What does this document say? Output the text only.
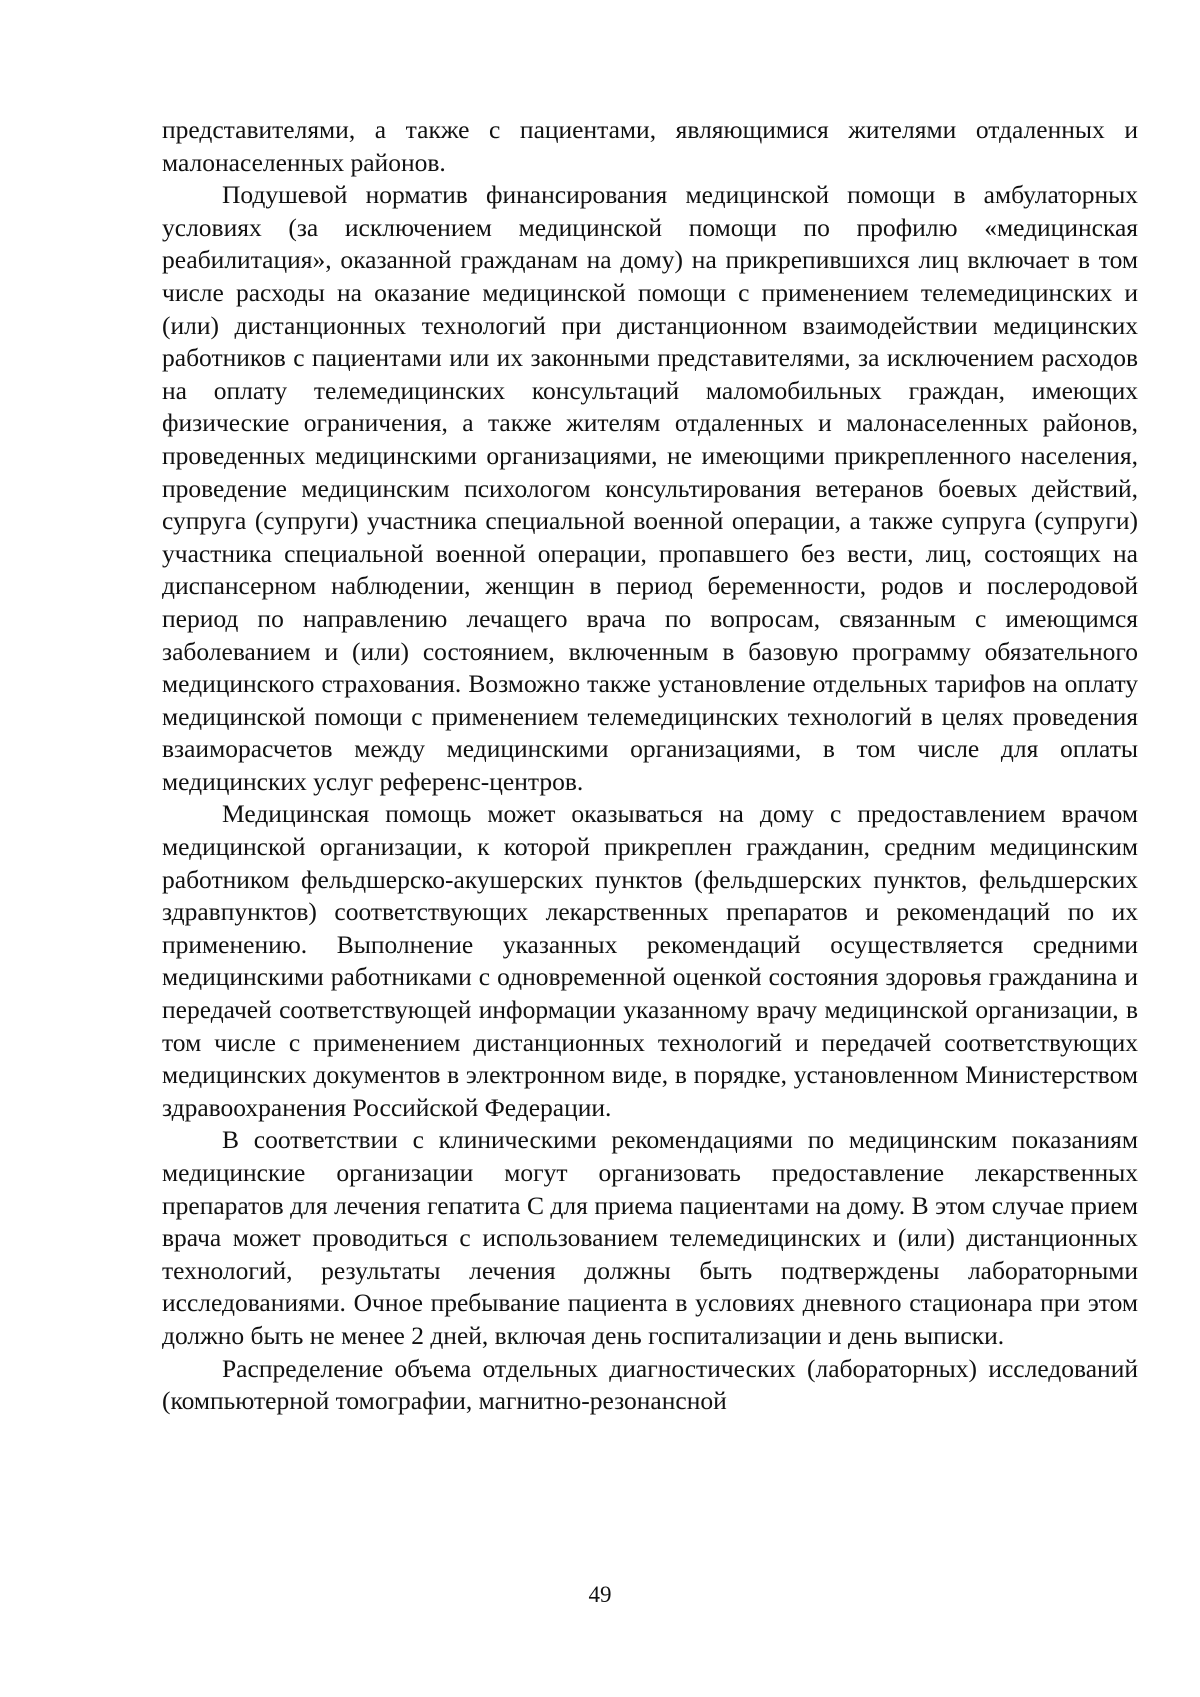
представителями, а также с пациентами, являющимися жителями отдаленных и малонаселенных районов.

Подушевой норматив финансирования медицинской помощи в амбулаторных условиях (за исключением медицинской помощи по профилю «медицинская реабилитация», оказанной гражданам на дому) на прикрепившихся лиц включает в том числе расходы на оказание медицинской помощи с применением телемедицинских и (или) дистанционных технологий при дистанционном взаимодействии медицинских работников с пациентами или их законными представителями, за исключением расходов на оплату телемедицинских консультаций маломобильных граждан, имеющих физические ограничения, а также жителям отдаленных и малонаселенных районов, проведенных медицинскими организациями, не имеющими прикрепленного населения, проведение медицинским психологом консультирования ветеранов боевых действий, супруга (супруги) участника специальной военной операции, а также супруга (супруги) участника специальной военной операции, пропавшего без вести, лиц, состоящих на диспансерном наблюдении, женщин в период беременности, родов и послеродовой период по направлению лечащего врача по вопросам, связанным с имеющимся заболеванием и (или) состоянием, включенным в базовую программу обязательного медицинского страхования. Возможно также установление отдельных тарифов на оплату медицинской помощи с применением телемедицинских технологий в целях проведения взаиморасчетов между медицинскими организациями, в том числе для оплаты медицинских услуг референс-центров.

Медицинская помощь может оказываться на дому с предоставлением врачом медицинской организации, к которой прикреплен гражданин, средним медицинским работником фельдшерско-акушерских пунктов (фельдшерских пунктов, фельдшерских здравпунктов) соответствующих лекарственных препаратов и рекомендаций по их применению. Выполнение указанных рекомендаций осуществляется средними медицинскими работниками с одновременной оценкой состояния здоровья гражданина и передачей соответствующей информации указанному врачу медицинской организации, в том числе с применением дистанционных технологий и передачей соответствующих медицинских документов в электронном виде, в порядке, установленном Министерством здравоохранения Российской Федерации.

В соответствии с клиническими рекомендациями по медицинским показаниям медицинские организации могут организовать предоставление лекарственных препаратов для лечения гепатита С для приема пациентами на дому. В этом случае прием врача может проводиться с использованием телемедицинских и (или) дистанционных технологий, результаты лечения должны быть подтверждены лабораторными исследованиями. Очное пребывание пациента в условиях дневного стационара при этом должно быть не менее 2 дней, включая день госпитализации и день выписки.

Распределение объема отдельных диагностических (лабораторных) исследований (компьютерной томографии, магнитно-резонансной

49
